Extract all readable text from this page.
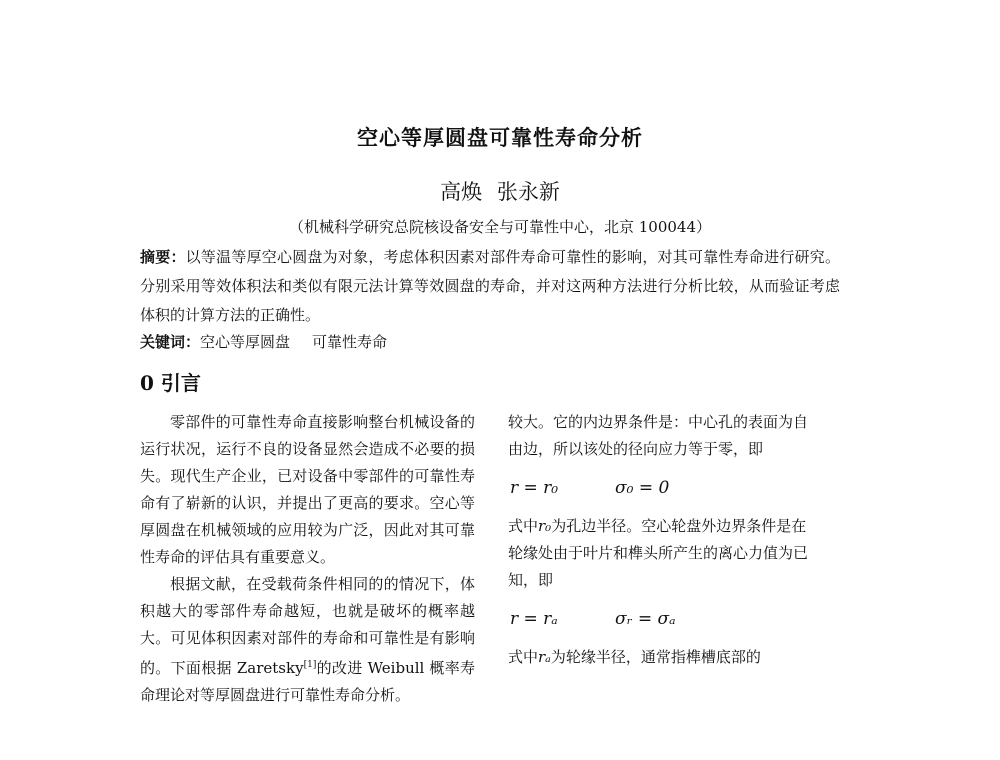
空心等厚圆盘可靠性寿命分析
高焕 张永新
（机械科学研究总院核设备安全与可靠性中心，北京 100044）
摘要：以等温等厚空心圆盘为对象，考虑体积因素对部件寿命可靠性的影响，对其可靠性寿命进行研究。分别采用等效体积法和类似有限元法计算等效圆盘的寿命，并对这两种方法进行分析比较，从而验证考虑体积的计算方法的正确性。
关键词：空心等厚圆盘 可靠性寿命
0 引言

零部件的可靠性寿命直接影响整台机械设备的运行状况，运行不良的设备显然会造成不必要的损失。现代生产企业，已对设备中零部件的可靠性寿命有了崭新的认识，并提出了更高的要求。空心等厚圆盘在机械领域的应用较为广泛，因此对其可靠性寿命的评估具有重要意义。

根据文献，在受载荷条件相同的的情况下，体积越大的零部件寿命越短，也就是破坏的概率越大。可见体积因素对部件的寿命和可靠性是有影响的。下面根据 Zaretsky[1]的改进 Weibull 概率寿命理论对等厚圆盘进行可靠性寿命分析。

较大。它的内边界条件是：中心孔的表面为自由边，所以该处的径向应力等于零，即

r = r₀	σ₀ = 0

式中r₀为孔边半径。空心轮盘外边界条件是在轮缘处由于叶片和榫头所产生的离心力值为已知，即

r = rₐ	σᵣ = σₐ

式中rₐ为轮缘半径，通常指榫槽底部的
